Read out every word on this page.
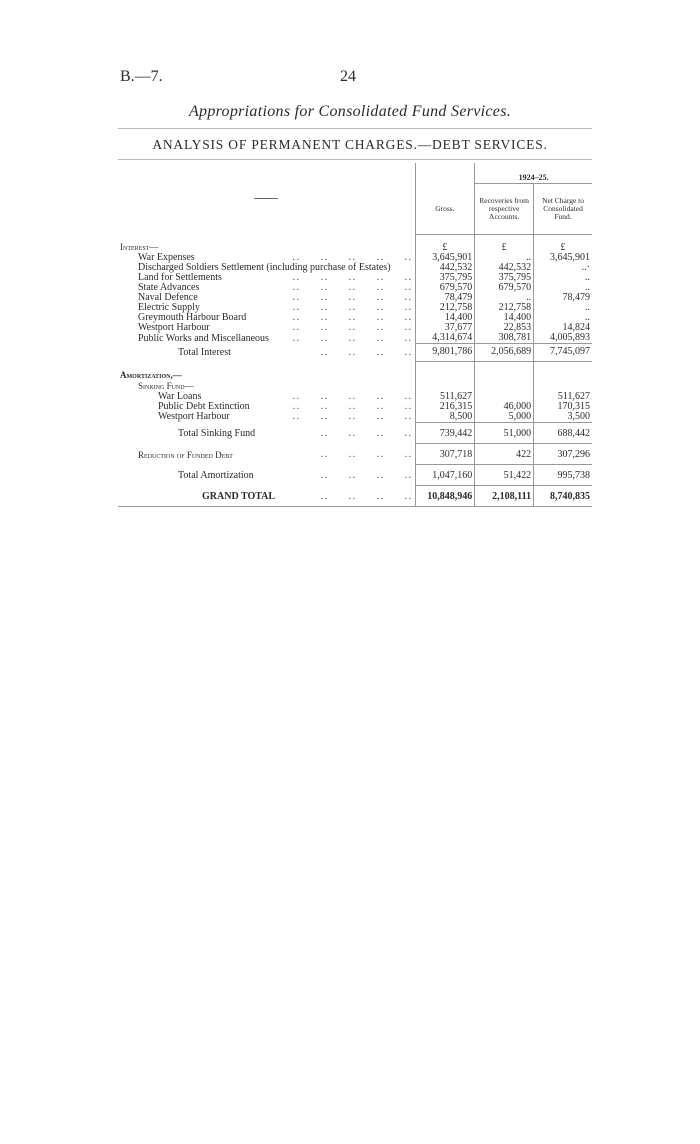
B.—7.	24
Appropriations for Consolidated Fund Services.
ANALYSIS OF PERMANENT CHARGES.—DEBT SERVICES.
		1924–25.	
	Gross.	Recoveries from respective Accounts.	Net Charge to Consolidated Fund.
Interest—	£	£	£

War Expenses ..     ..     ..     ..     ..	3,645,901	..	3,645,901

Discharged Soldiers Settlement (including purchase of Estates)	442,532	442,532	..·

Land for Settlements ..     ..     ..     ..     ..	375,795	375,795	..

State Advances ..     ..     ..     ..     ..	679,570	679,570	..

Naval Defence ..     ..     ..     ..     ..	78,479	..	78,479

Electric Supply ..     ..     ..     ..     ..	212,758	212,758	..

Greymouth Harbour Board ..     ..     ..     ..     ..	14,400	14,400	..

Westport Harbour ..     ..     ..     ..     ..	37,677	22,853	14,824

Public Works and Miscellaneous ..     ..     ..     ..     ..	4,314,674	308,781	4,005,893

Total Interest ..     ..     ..     ..	9,801,786	2,056,689	7,745,097
Amortization,—			
Sinking Fund—			

War Loans ..     ..     ..     ..     ..	511,627		511,627

Public Debt Extinction ..     ..     ..     ..     ..	216,315	46,000	170,315

Westport Harbour ..     ..     ..     ..     ..	8,500	5,000	3,500

Total Sinking Fund ..     ..     ..     ..	739,442	51,000	688,442

Reduction of Funded Debt ..     ..     ..     ..	307,718	422	307,296

Total Amortization ..     ..     ..     ..	1,047,160	51,422	995,738

GRAND TOTAL ..     ..     ..     ..	10,848,946	2,108,111	8,740,835
